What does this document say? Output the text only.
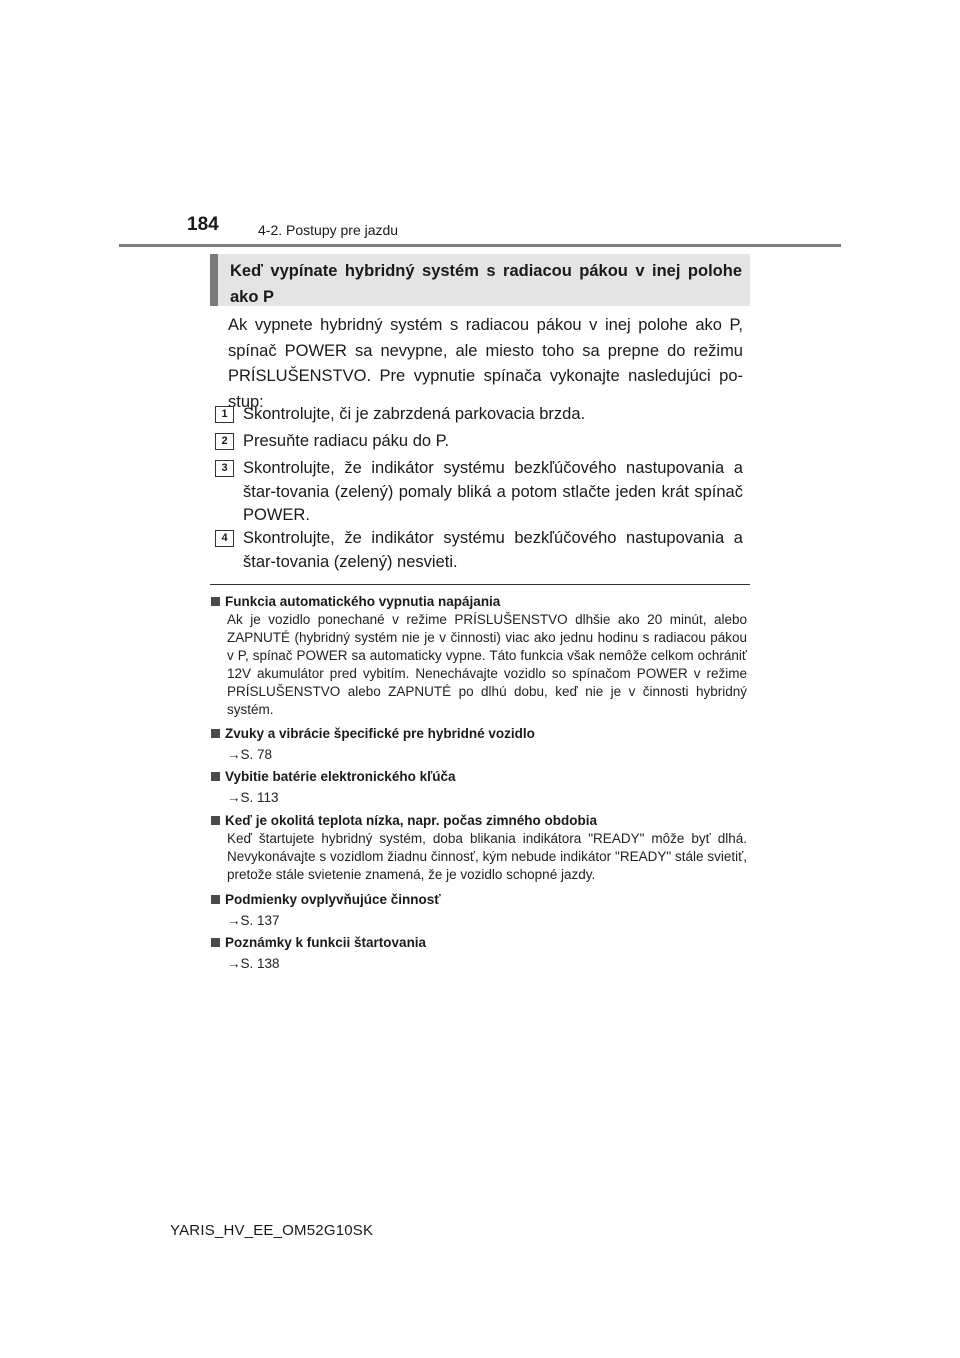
184	4-2. Postupy pre jazdu
Keď vypínate hybridný systém s radiacou pákou v inej polohe ako P
Ak vypnete hybridný systém s radiacou pákou v inej polohe ako P, spínač POWER sa nevypne, ale miesto toho sa prepne do režimu PRÍSLUŠENSTVO. Pre vypnutie spínača vykonajte nasledujúci po-stup:
1 Skontrolujte, či je zabrzdená parkovacia brzda.
2 Presuňte radiacu páku do P.
3 Skontrolujte, že indikátor systému bezkľúčového nastupovania a štar-tovania (zelený) pomaly bliká a potom stlačte jeden krát spínač POWER.
4 Skontrolujte, že indikátor systému bezkľúčového nastupovania a štar-tovania (zelený) nesvieti.
Funkcia automatického vypnutia napájania
Ak je vozidlo ponechané v režime PRÍSLUŠENSTVO dlhšie ako 20 minút, alebo ZAPNUTÉ (hybridný systém nie je v činnosti) viac ako jednu hodinu s radiacou pákou v P, spínač POWER sa automaticky vypne. Táto funkcia však nemôže celkom ochrániť 12V akumulátor pred vybitím. Nenechávajte vozidlo so spínačom POWER v režime PRÍSLUŠENSTVO alebo ZAPNUTÉ po dlhú dobu, keď nie je v činnosti hybridný systém.
Zvuky a vibrácie špecifické pre hybridné vozidlo
→S. 78
Vybitie batérie elektronického kľúča
→S. 113
Keď je okolitá teplota nízka, napr. počas zimného obdobia
Keď štartujete hybridný systém, doba blikania indikátora "READY" môže byť dlhá. Nevykonávajte s vozidlom žiadnu činnosť, kým nebude indikátor "READY" stále svietiť, pretože stále svietenie znamená, že je vozidlo schopné jazdy.
Podmienky ovplyvňujúce činnosť
→S. 137
Poznámky k funkcii štartovania
→S. 138
YARIS_HV_EE_OM52G10SK
